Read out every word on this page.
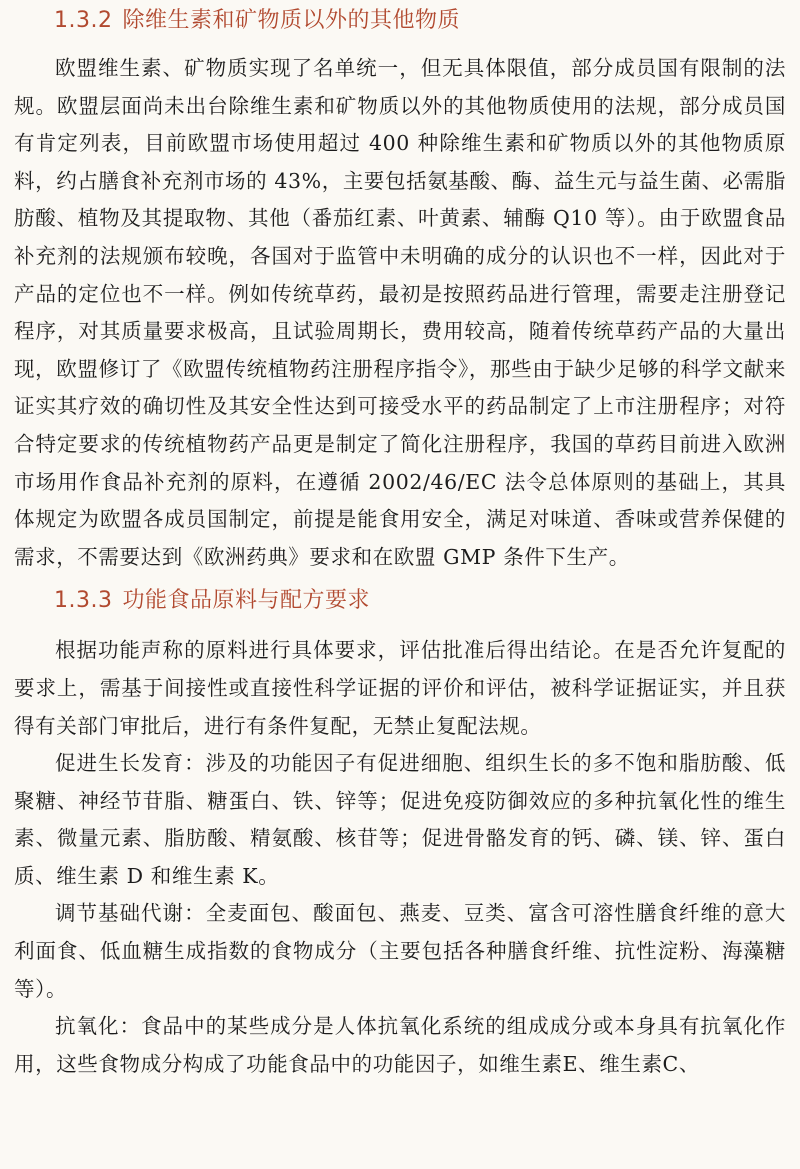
1.3.2 除维生素和矿物质以外的其他物质

欧盟维生素、矿物质实现了名单统一，但无具体限值，部分成员国有限制的法规。欧盟层面尚未出台除维生素和矿物质以外的其他物质使用的法规，部分成员国有肯定列表，目前欧盟市场使用超过 400 种除维生素和矿物质以外的其他物质原料，约占膳食补充剂市场的 43%，主要包括氨基酸、酶、益生元与益生菌、必需脂肪酸、植物及其提取物、其他（番茄红素、叶黄素、辅酶 Q10 等）。由于欧盟食品补充剂的法规颁布较晚，各国对于监管中未明确的成分的认识也不一样，因此对于产品的定位也不一样。例如传统草药，最初是按照药品进行管理，需要走注册登记程序，对其质量要求极高，且试验周期长，费用较高，随着传统草药产品的大量出现，欧盟修订了《欧盟传统植物药注册程序指令》，那些由于缺少足够的科学文献来证实其疗效的确切性及其安全性达到可接受水平的药品制定了上市注册程序；对符合特定要求的传统植物药产品更是制定了简化注册程序，我国的草药目前进入欧洲市场用作食品补充剂的原料，在遵循 2002/46/EC 法令总体原则的基础上，其具体规定为欧盟各成员国制定，前提是能食用安全，满足对味道、香味或营养保健的需求，不需要达到《欧洲药典》要求和在欧盟 GMP 条件下生产。

1.3.3 功能食品原料与配方要求

根据功能声称的原料进行具体要求，评估批准后得出结论。在是否允许复配的要求上，需基于间接性或直接性科学证据的评价和评估，被科学证据证实，并且获得有关部门审批后，进行有条件复配，无禁止复配法规。

促进生长发育：涉及的功能因子有促进细胞、组织生长的多不饱和脂肪酸、低聚糖、神经节苷脂、糖蛋白、铁、锌等；促进免疫防御效应的多种抗氧化性的维生素、微量元素、脂肪酸、精氨酸、核苷等；促进骨骼发育的钙、磷、镁、锌、蛋白质、维生素 D 和维生素 K。

调节基础代谢：全麦面包、酸面包、燕麦、豆类、富含可溶性膳食纤维的意大利面食、低血糖生成指数的食物成分（主要包括各种膳食纤维、抗性淀粉、海藻糖等）。

抗氧化：食品中的某些成分是人体抗氧化系统的组成成分或本身具有抗氧化作用，这些食物成分构成了功能食品中的功能因子，如维生素E、维生素C、
